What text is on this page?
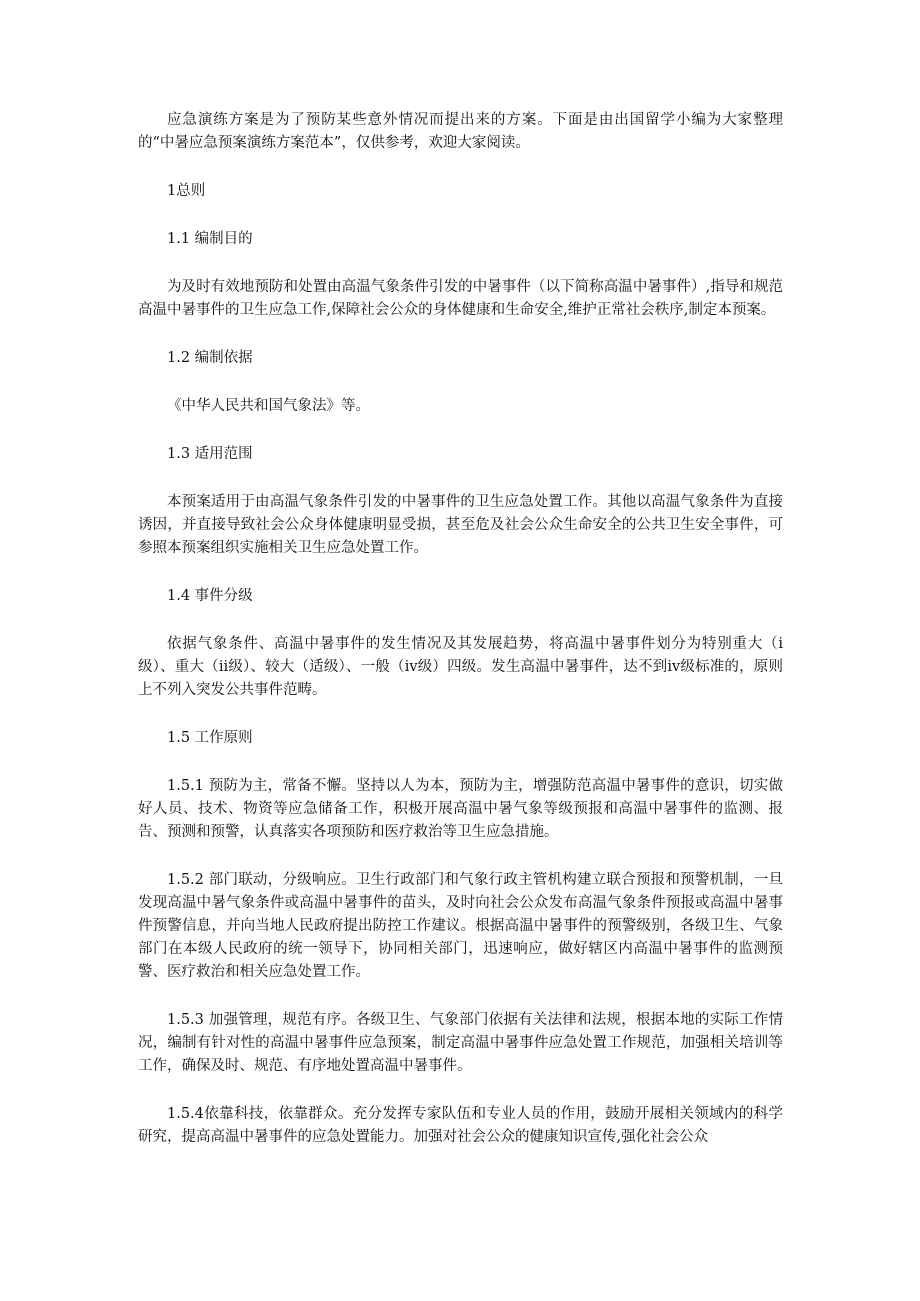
应急演练方案是为了预防某些意外情况而提出来的方案。下面是由出国留学小编为大家整理的“中暑应急预案演练方案范本”，仅供参考，欢迎大家阅读。

1总则

1.1 编制目的

为及时有效地预防和处置由高温气象条件引发的中暑事件（以下简称高温中暑事件）,指导和规范高温中暑事件的卫生应急工作,保障社会公众的身体健康和生命安全,维护正常社会秩序,制定本预案。

1.2 编制依据

《中华人民共和国气象法》等。

1.3 适用范围

本预案适用于由高温气象条件引发的中暑事件的卫生应急处置工作。其他以高温气象条件为直接诱因，并直接导致社会公众身体健康明显受损，甚至危及社会公众生命安全的公共卫生安全事件，可参照本预案组织实施相关卫生应急处置工作。

1.4 事件分级

依据气象条件、高温中暑事件的发生情况及其发展趋势，将高温中暑事件划分为特别重大（ⅰ级）、重大（ⅱ级）、较大（适级）、一般（ⅳ级）四级。发生高温中暑事件，达不到ⅳ级标准的，原则上不列入突发公共事件范畴。

1.5 工作原则

1.5.1 预防为主，常备不懈。坚持以人为本，预防为主，增强防范高温中暑事件的意识，切实做好人员、技术、物资等应急储备工作，积极开展高温中暑气象等级预报和高温中暑事件的监测、报告、预测和预警，认真落实各项预防和医疗救治等卫生应急措施。

1.5.2 部门联动，分级响应。卫生行政部门和气象行政主管机构建立联合预报和预警机制，一旦发现高温中暑气象条件或高温中暑事件的苗头，及时向社会公众发布高温气象条件预报或高温中暑事件预警信息，并向当地人民政府提出防控工作建议。根据高温中暑事件的预警级别，各级卫生、气象部门在本级人民政府的统一领导下，协同相关部门，迅速响应，做好辖区内高温中暑事件的监测预警、医疗救治和相关应急处置工作。

1.5.3 加强管理，规范有序。各级卫生、气象部门依据有关法律和法规，根据本地的实际工作情况，编制有针对性的高温中暑事件应急预案，制定高温中暑事件应急处置工作规范，加强相关培训等工作，确保及时、规范、有序地处置高温中暑事件。

1.5.4依靠科技，依靠群众。充分发挥专家队伍和专业人员的作用，鼓励开展相关领域内的科学研究，提高高温中暑事件的应急处置能力。加强对社会公众的健康知识宣传,强化社会公众
